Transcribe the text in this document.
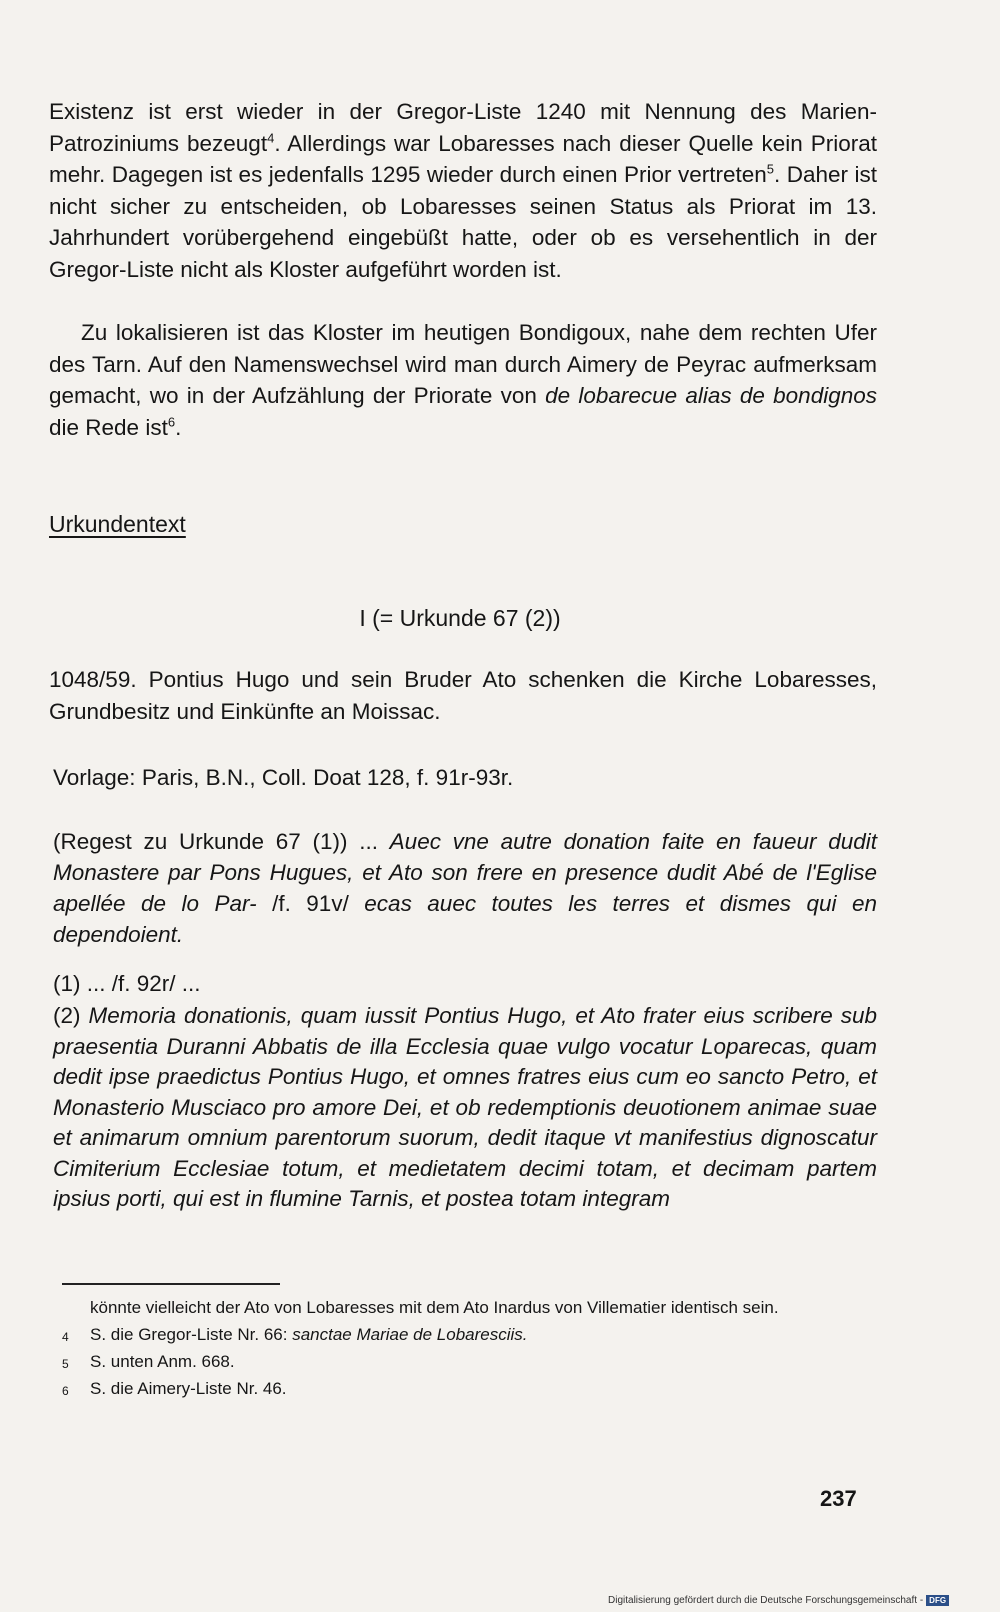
Existenz ist erst wieder in der Gregor-Liste 1240 mit Nennung des Marien-Patroziniums bezeugt$^4$. Allerdings war Lobaresses nach dieser Quelle kein Priorat mehr. Dagegen ist es jedenfalls 1295 wieder durch einen Prior vertreten$^5$. Daher ist nicht sicher zu entscheiden, ob Lobaresses seinen Status als Priorat im 13. Jahrhundert vorübergehend eingebüßt hatte, oder ob es versehentlich in der Gregor-Liste nicht als Kloster aufgeführt worden ist.
Zu lokalisieren ist das Kloster im heutigen Bondigoux, nahe dem rechten Ufer des Tarn. Auf den Namenswechsel wird man durch Aimery de Peyrac aufmerksam gemacht, wo in der Aufzählung der Priorate von de lobarecue alias de bondignos die Rede ist$^6$.
Urkundentext
I (= Urkunde 67 (2))
1048/59. Pontius Hugo und sein Bruder Ato schenken die Kirche Lobaresses, Grundbesitz und Einkünfte an Moissac.
Vorlage: Paris, B.N., Coll. Doat 128, f. 91r-93r.
(Regest zu Urkunde 67 (1)) ... Auec vne autre donation faite en faueur dudit Monastere par Pons Hugues, et Ato son frere en presence dudit Abé de l'Eglise apellée de lo Par- /f. 91v/ ecas auec toutes les terres et dismes qui en dependoient.
(1) ... /f. 92r/ ...
(2) Memoria donationis, quam iussit Pontius Hugo, et Ato frater eius scribere sub praesentia Duranni Abbatis de illa Ecclesia quae vulgo vocatur Loparecas, quam dedit ipse praedictus Pontius Hugo, et omnes fratres eius cum eo sancto Petro, et Monasterio Musciaco pro amore Dei, et ob redemptionis deuotionem animae suae et animarum omnium parentorum suorum, dedit itaque vt manifestius dignoscatur Cimiterium Ecclesiae totum, et medietatem decimi totam, et decimam partem ipsius porti, qui est in flumine Tarnis, et postea totam integram
könnte vielleicht der Ato von Lobaresses mit dem Ato Inardus von Villematier identisch sein.
4 S. die Gregor-Liste Nr. 66: sanctae Mariae de Lobaresciis.
5 S. unten Anm. 668.
6 S. die Aimery-Liste Nr. 46.
237
Digitalisierung gefördert durch die Deutsche Forschungsgemeinschaft - DFG
